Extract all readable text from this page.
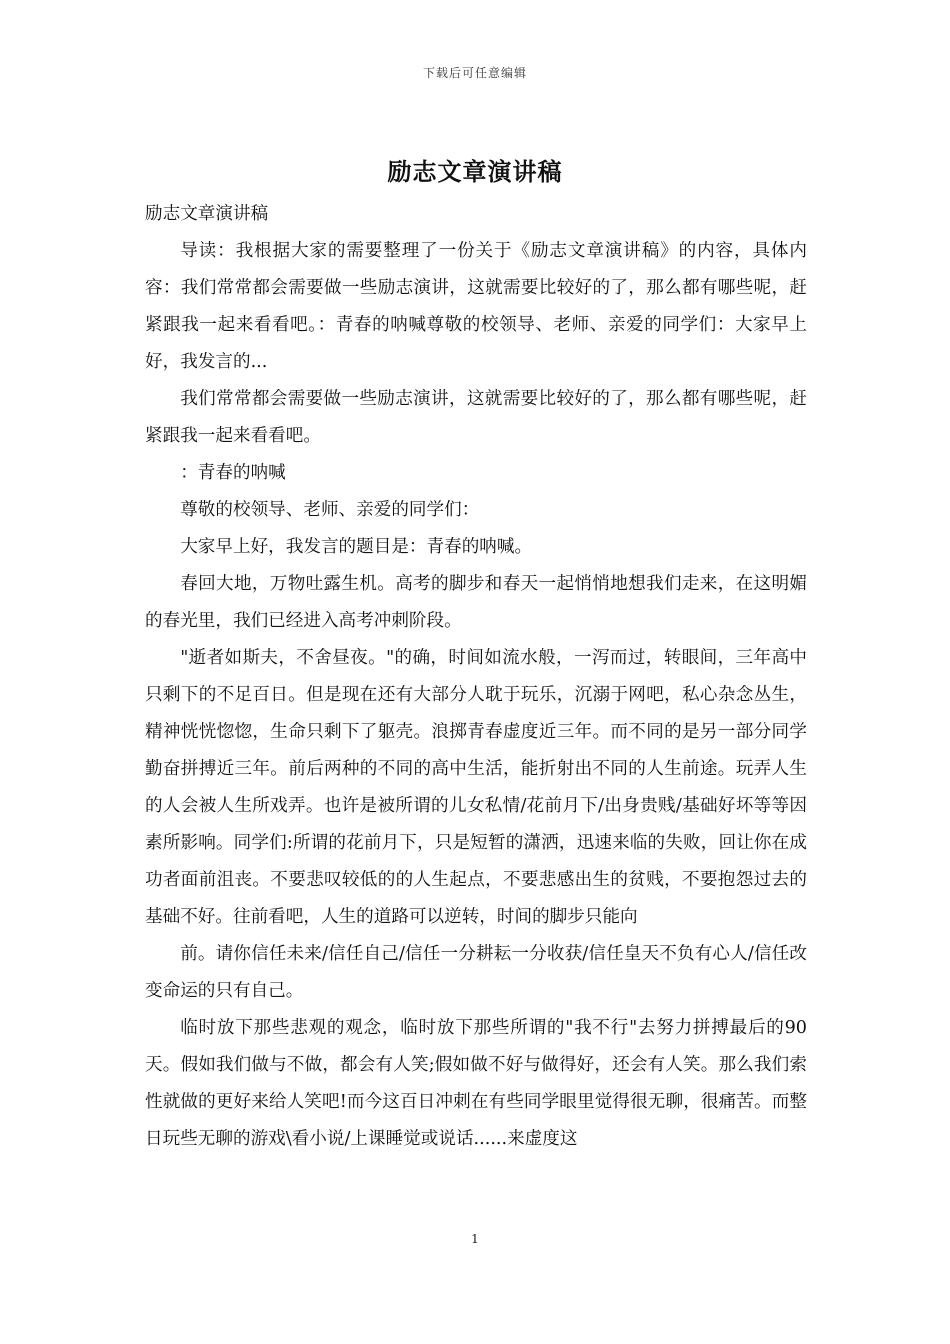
下载后可任意编辑
励志文章演讲稿

励志文章演讲稿

导读：我根据大家的需要整理了一份关于《励志文章演讲稿》的内容，具体内容：我们常常都会需要做一些励志演讲，这就需要比较好的了，那么都有哪些呢，赶紧跟我一起来看看吧。：青春的呐喊尊敬的校领导、老师、亲爱的同学们：大家早上好，我发言的...

我们常常都会需要做一些励志演讲，这就需要比较好的了，那么都有哪些呢，赶紧跟我一起来看看吧。

：青春的呐喊

尊敬的校领导、老师、亲爱的同学们：

大家早上好，我发言的题目是：青春的呐喊。

春回大地，万物吐露生机。高考的脚步和春天一起悄悄地想我们走来，在这明媚的春光里，我们已经进入高考冲刺阶段。

"逝者如斯夫，不舍昼夜。"的确，时间如流水般，一泻而过，转眼间，三年高中只剩下的不足百日。但是现在还有大部分人耽于玩乐，沉溺于网吧，私心杂念丛生，精神恍恍惚惚，生命只剩下了躯壳。浪掷青春虚度近三年。而不同的是另一部分同学勤奋拼搏近三年。前后两种的不同的高中生活，能折射出不同的人生前途。玩弄人生的人会被人生所戏弄。也许是被所谓的儿女私情/花前月下/出身贵贱/基础好坏等等因素所影响。同学们:所谓的花前月下，只是短暂的潇洒，迅速来临的失败，回让你在成功者面前沮丧。不要悲叹较低的的人生起点，不要悲感出生的贫贱，不要抱怨过去的基础不好。往前看吧，人生的道路可以逆转，时间的脚步只能向

前。请你信任未来/信任自己/信任一分耕耘一分收获/信任皇天不负有心人/信任改变命运的只有自己。

临时放下那些悲观的观念，临时放下那些所谓的"我不行"去努力拼搏最后的90天。假如我们做与不做，都会有人笑;假如做不好与做得好，还会有人笑。那么我们索性就做的更好来给人笑吧!而今这百日冲刺在有些同学眼里觉得很无聊，很痛苦。而整日玩些无聊的游戏\看小说/上课睡觉或说话......来虚度这

1
